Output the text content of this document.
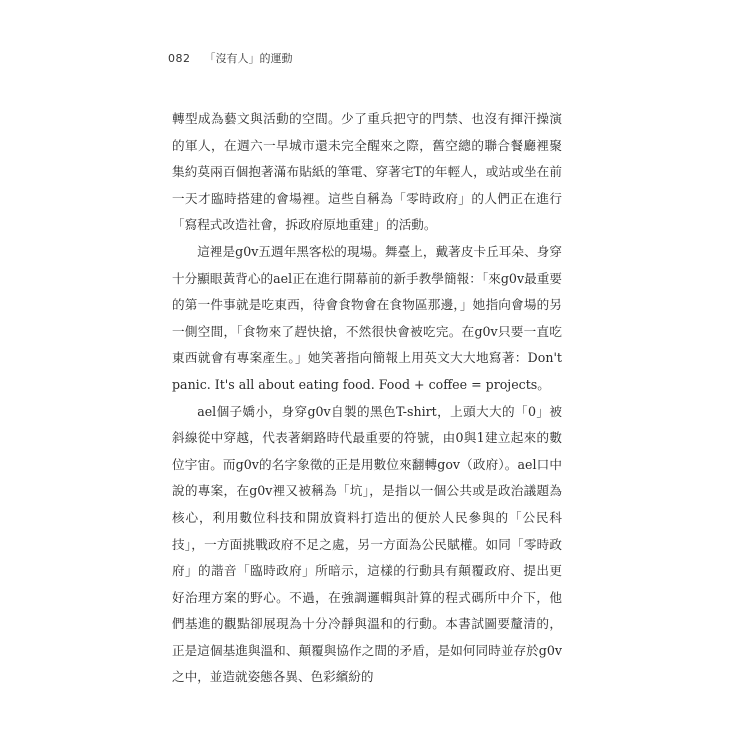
082 「沒有人」的運動

轉型成為藝文與活動的空間。少了重兵把守的門禁、也沒有揮汗操演的軍人，在週六一早城市還未完全醒來之際，舊空總的聯合餐廳裡聚集約莫兩百個抱著滿布貼紙的筆電、穿著宅T的年輕人，或站或坐在前一天才臨時搭建的會場裡。這些自稱為「零時政府」的人們正在進行「寫程式改造社會，拆政府原地重建」的活動。

這裡是g0v五週年黑客松的現場。舞臺上，戴著皮卡丘耳朵、身穿十分顯眼黃背心的ael正在進行開幕前的新手教學簡報：「來g0v最重要的第一件事就是吃東西，待會食物會在食物區那邊，」她指向會場的另一側空間，「食物來了趕快搶，不然很快會被吃完。在g0v只要一直吃東西就會有專案產生。」她笑著指向簡報上用英文大大地寫著：Don't panic. It's all about eating food. Food + coffee = projects。

ael個子嬌小，身穿g0v自製的黑色T-shirt，上頭大大的「0」被斜線從中穿越，代表著網路時代最重要的符號，由0與1建立起來的數位宇宙。而g0v的名字象徵的正是用數位來翻轉gov（政府）。ael口中說的專案，在g0v裡又被稱為「坑」，是指以一個公共或是政治議題為核心，利用數位科技和開放資料打造出的便於人民參與的「公民科技」，一方面挑戰政府不足之處，另一方面為公民賦權。如同「零時政府」的諧音「臨時政府」所暗示，這樣的行動具有顛覆政府、提出更好治理方案的野心。不過，在強調邏輯與計算的程式碼所中介下，他們基進的觀點卻展現為十分冷靜與溫和的行動。本書試圖要釐清的，正是這個基進與溫和、顛覆與協作之間的矛盾，是如何同時並存於g0v之中，並造就姿態各異、色彩繽紛的
